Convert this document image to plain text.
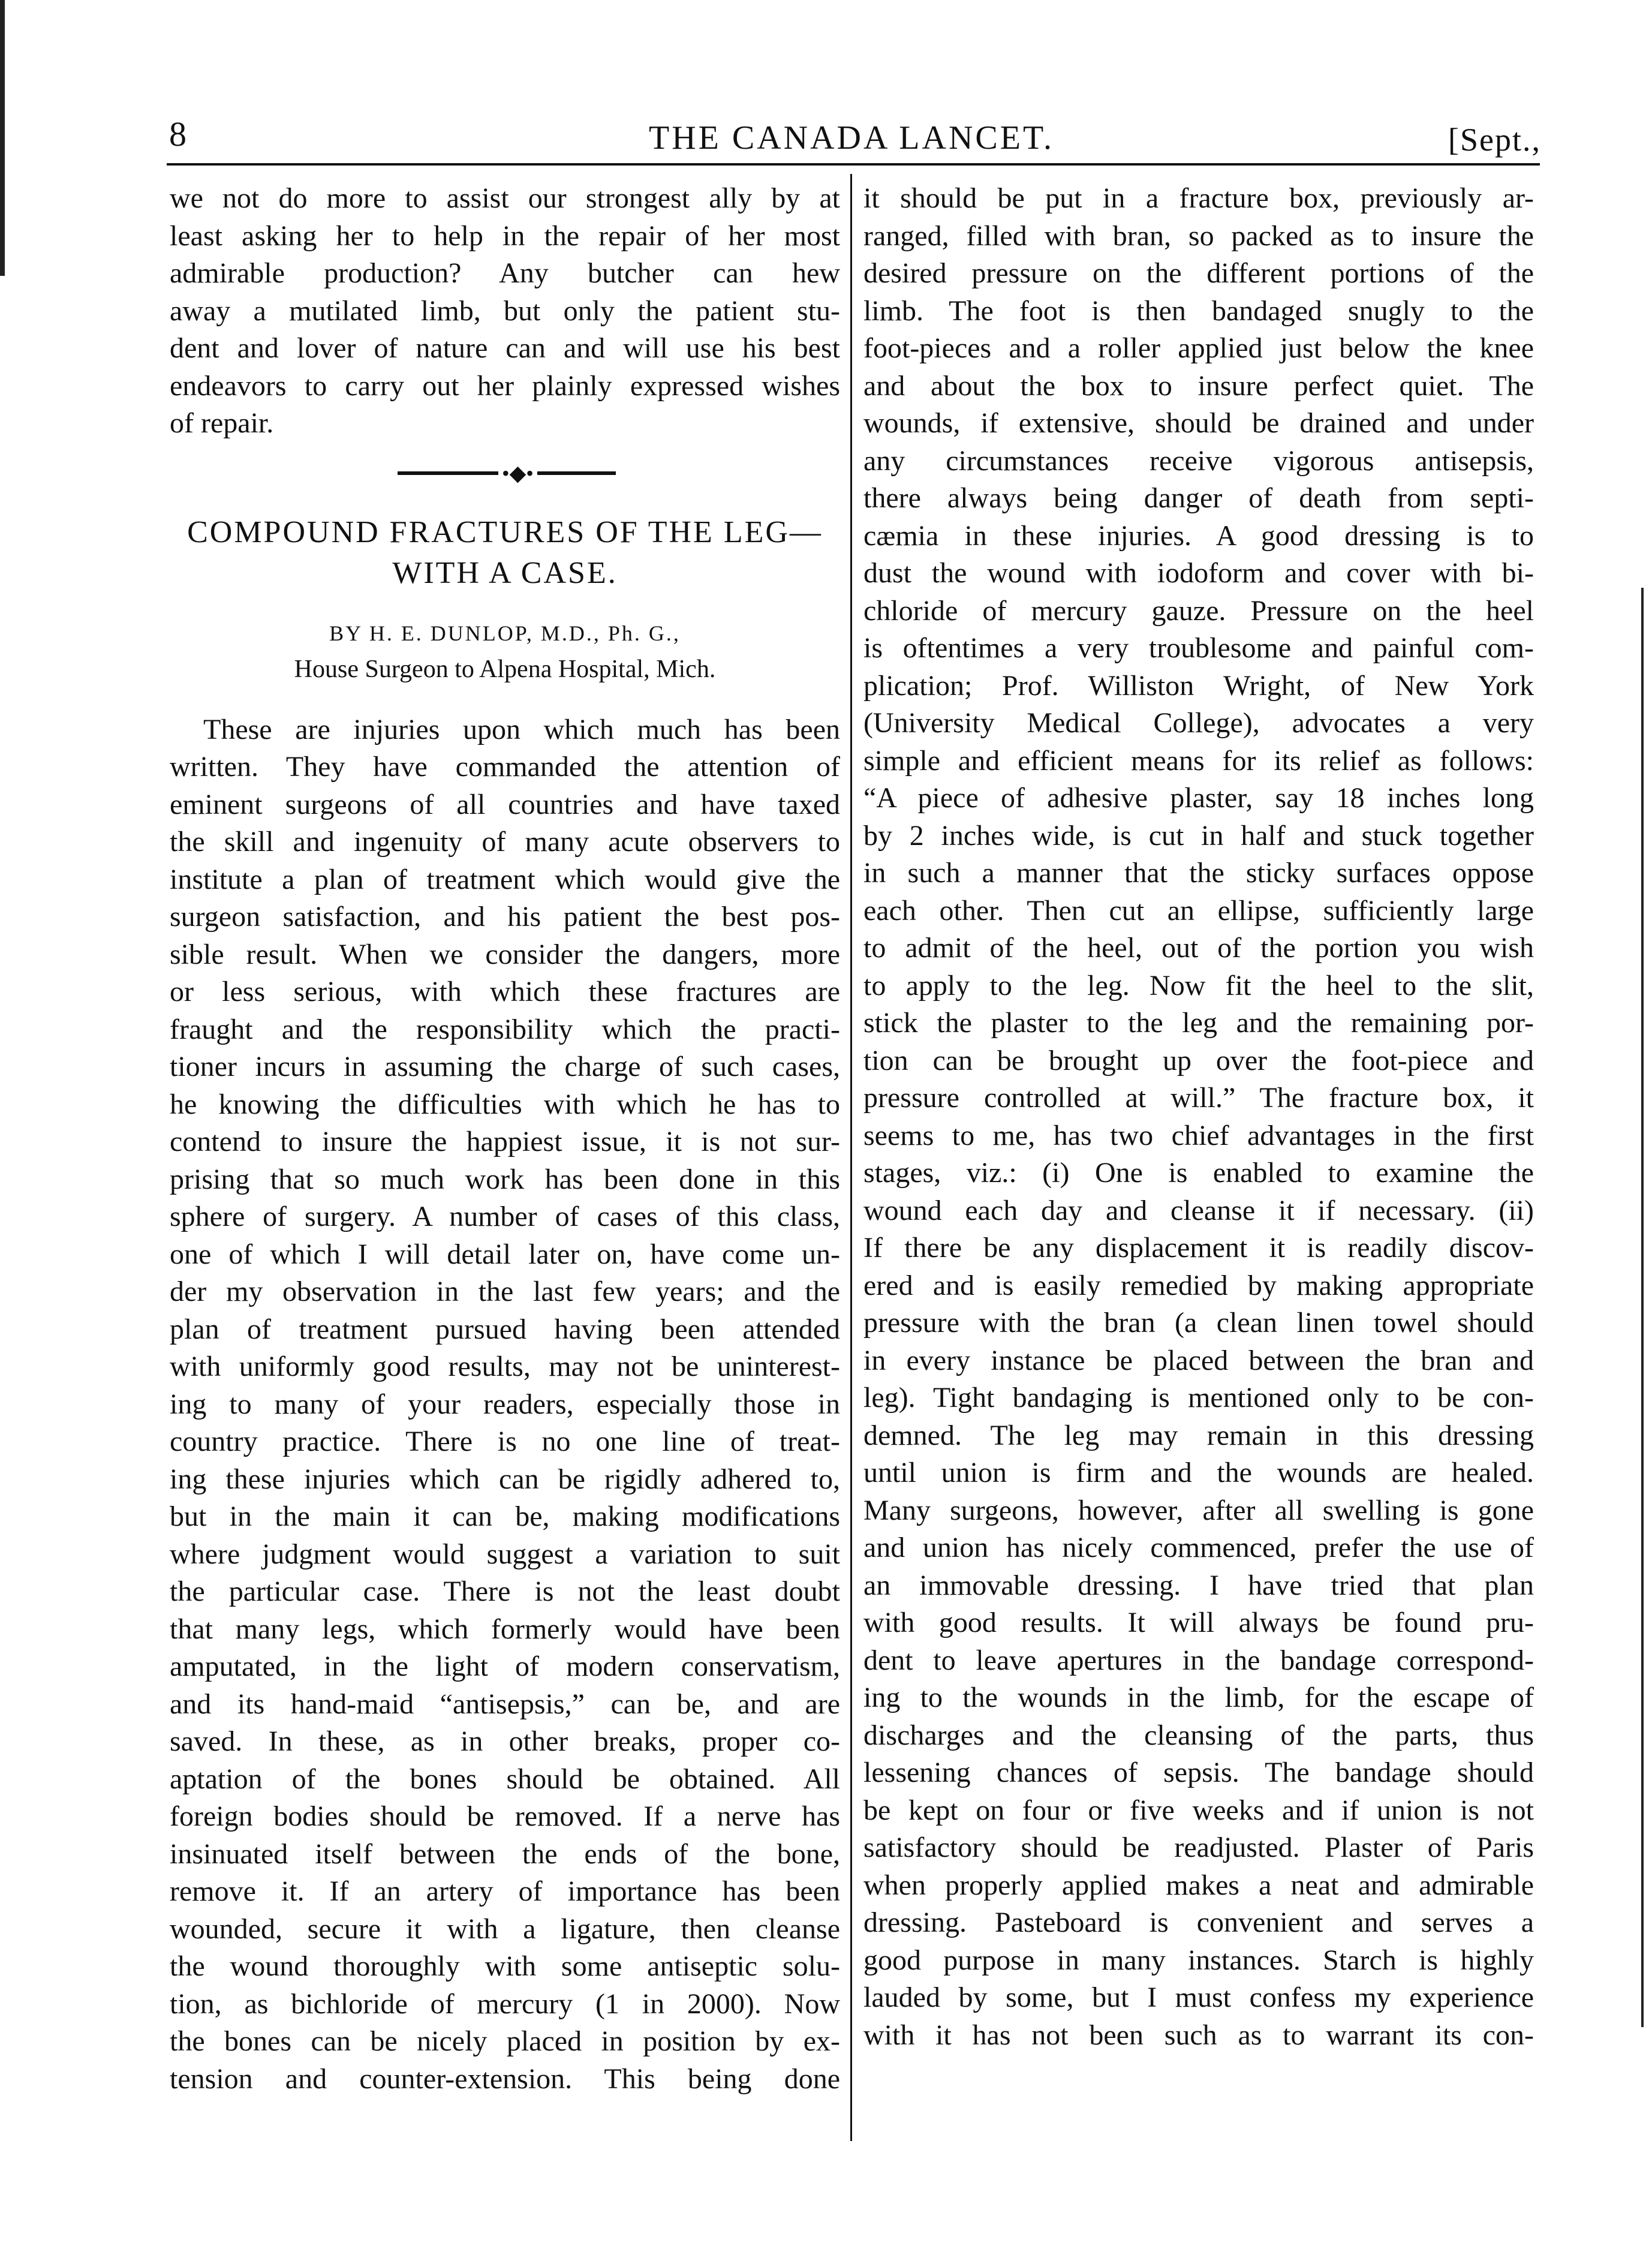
8	THE CANADA LANCET.	[Sept.,
we not do more to assist our strongest ally by at
least asking her to help in the repair of her most
admirable production? Any butcher can hew
away a mutilated limb, but only the patient stu-
dent and lover of nature can and will use his best
endeavors to carry out her plainly expressed wishes
of repair.
•◆•
COMPOUND FRACTURES OF THE LEG—
WITH A CASE.
BY H. E. DUNLOP, M.D., Ph. G.,
House Surgeon to Alpena Hospital, Mich.
These are injuries upon which much has been
written. They have commanded the attention of
eminent surgeons of all countries and have taxed
the skill and ingenuity of many acute observers to
institute a plan of treatment which would give the
surgeon satisfaction, and his patient the best pos-
sible result. When we consider the dangers, more
or less serious, with which these fractures are
fraught and the responsibility which the practi-
tioner incurs in assuming the charge of such cases,
he knowing the difficulties with which he has to
contend to insure the happiest issue, it is not sur-
prising that so much work has been done in this
sphere of surgery. A number of cases of this class,
one of which I will detail later on, have come un-
der my observation in the last few years; and the
plan of treatment pursued having been attended
with uniformly good results, may not be uninterest-
ing to many of your readers, especially those in
country practice. There is no one line of treat-
ing these injuries which can be rigidly adhered to,
but in the main it can be, making modifications
where judgment would suggest a variation to suit
the particular case. There is not the least doubt
that many legs, which formerly would have been
amputated, in the light of modern conservatism,
and its hand-maid “antisepsis,” can be, and are
saved. In these, as in other breaks, proper co-
aptation of the bones should be obtained. All
foreign bodies should be removed. If a nerve has
insinuated itself between the ends of the bone,
remove it. If an artery of importance has been
wounded, secure it with a ligature, then cleanse
the wound thoroughly with some antiseptic solu-
tion, as bichloride of mercury (1 in 2000). Now
the bones can be nicely placed in position by ex-
tension and counter-extension. This being done
it should be put in a fracture box, previously ar-
ranged, filled with bran, so packed as to insure the
desired pressure on the different portions of the
limb. The foot is then bandaged snugly to the
foot-pieces and a roller applied just below the knee
and about the box to insure perfect quiet. The
wounds, if extensive, should be drained and under
any circumstances receive vigorous antisepsis,
there always being danger of death from septi-
cæmia in these injuries. A good dressing is to
dust the wound with iodoform and cover with bi-
chloride of mercury gauze. Pressure on the heel
is oftentimes a very troublesome and painful com-
plication; Prof. Williston Wright, of New York
(University Medical College), advocates a very
simple and efficient means for its relief as follows:
“A piece of adhesive plaster, say 18 inches long
by 2 inches wide, is cut in half and stuck together
in such a manner that the sticky surfaces oppose
each other. Then cut an ellipse, sufficiently large
to admit of the heel, out of the portion you wish
to apply to the leg. Now fit the heel to the slit,
stick the plaster to the leg and the remaining por-
tion can be brought up over the foot-piece and
pressure controlled at will.” The fracture box, it
seems to me, has two chief advantages in the first
stages, viz.: (i) One is enabled to examine the
wound each day and cleanse it if necessary. (ii)
If there be any displacement it is readily discov-
ered and is easily remedied by making appropriate
pressure with the bran (a clean linen towel should
in every instance be placed between the bran and
leg). Tight bandaging is mentioned only to be con-
demned. The leg may remain in this dressing
until union is firm and the wounds are healed.
Many surgeons, however, after all swelling is gone
and union has nicely commenced, prefer the use of
an immovable dressing. I have tried that plan
with good results. It will always be found pru-
dent to leave apertures in the bandage correspond-
ing to the wounds in the limb, for the escape of
discharges and the cleansing of the parts, thus
lessening chances of sepsis. The bandage should
be kept on four or five weeks and if union is not
satisfactory should be readjusted. Plaster of Paris
when properly applied makes a neat and admirable
dressing. Pasteboard is convenient and serves a
good purpose in many instances. Starch is highly
lauded by some, but I must confess my experience
with it has not been such as to warrant its con-
